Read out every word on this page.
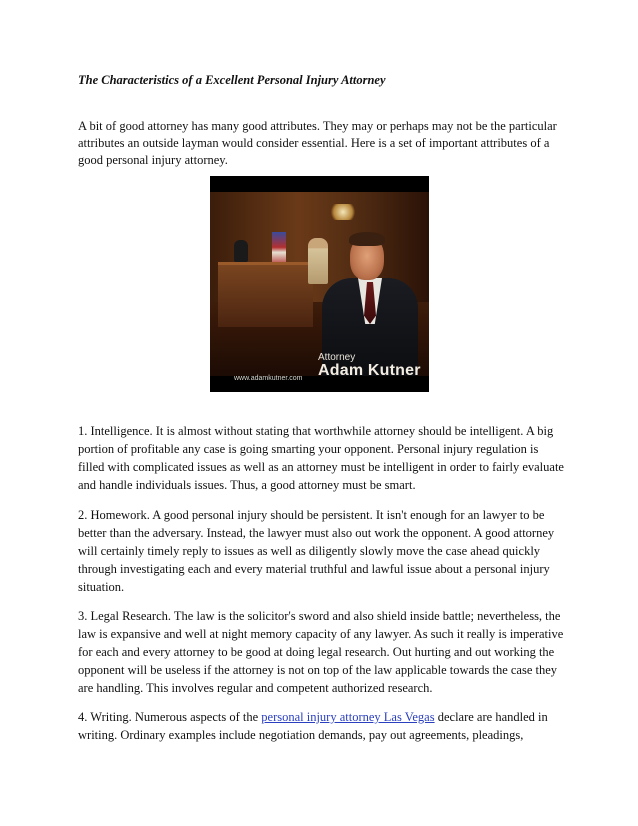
The Characteristics of a Excellent Personal Injury Attorney
A bit of good attorney has many good attributes. They may or perhaps may not be the particular attributes an outside layman would consider essential. Here is a set of important attributes of a good personal injury attorney.
Attorney
Adam Kutner
www.adamkutner.com
1. Intelligence. It is almost without stating that worthwhile attorney should be intelligent. A big portion of profitable any case is going smarting your opponent. Personal injury regulation is filled with complicated issues as well as an attorney must be intelligent in order to fairly evaluate and handle individuals issues. Thus, a good attorney must be smart.
2. Homework. A good personal injury should be persistent. It isn't enough for an lawyer to be better than the adversary. Instead, the lawyer must also out work the opponent. A good attorney will certainly timely reply to issues as well as diligently slowly move the case ahead quickly through investigating each and every material truthful and lawful issue about a personal injury situation.
3. Legal Research. The law is the solicitor's sword and also shield inside battle; nevertheless, the law is expansive and well at night memory capacity of any lawyer. As such it really is imperative for each and every attorney to be good at doing legal research. Out hurting and out working the opponent will be useless if the attorney is not on top of the law applicable towards the case they are handling. This involves regular and competent authorized research.
4. Writing. Numerous aspects of the personal injury attorney Las Vegas declare are handled in writing. Ordinary examples include negotiation demands, pay out agreements, pleadings,
